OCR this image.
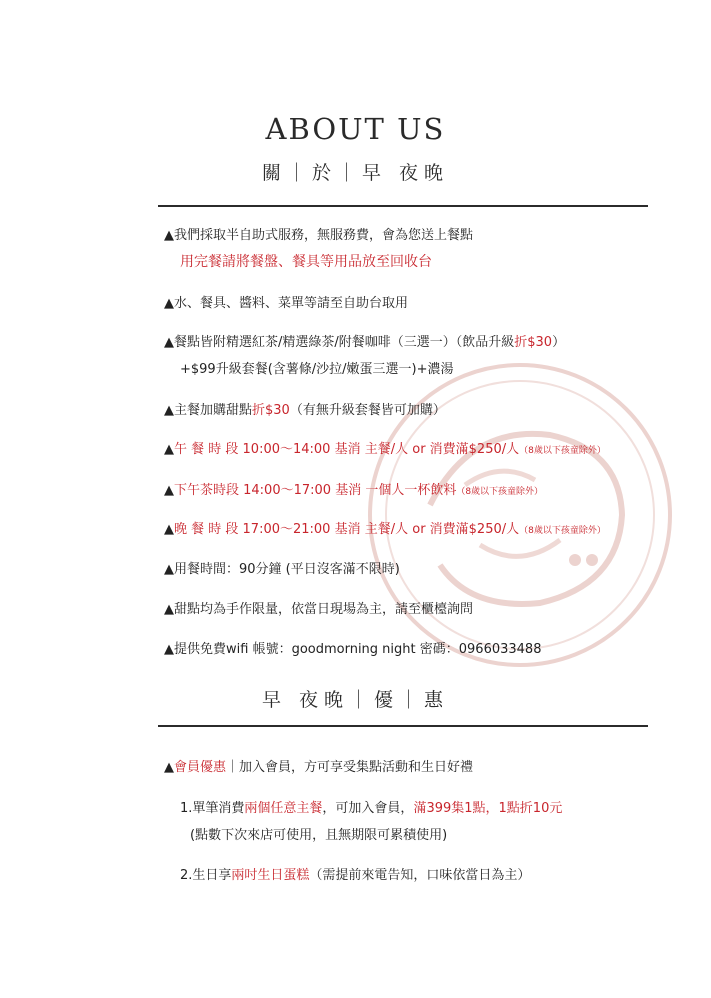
ABOUT US
關｜於｜早 夜晚
▲我們採取半自助式服務，無服務費，會為您送上餐點
用完餐請將餐盤、餐具等用品放至回收台
▲水、餐具、醬料、菜單等請至自助台取用
▲餐點皆附精選紅茶/精選綠茶/附餐咖啡（三選一）（飲品升級折$30）
+$99升級套餐(含薯條/沙拉/嫩蛋三選一)+濃湯
▲主餐加購甜點折$30（有無升級套餐皆可加購）
▲午 餐 時 段 10:00～14:00 基消 主餐/人 or 消費滿$250/人（8歲以下孩童除外）
▲下午茶時段 14:00～17:00 基消 一個人一杯飲料（8歲以下孩童除外）
▲晚 餐 時 段 17:00～21:00 基消 主餐/人 or 消費滿$250/人（8歲以下孩童除外）
▲用餐時間：90分鐘 (平日沒客滿不限時)
▲甜點均為手作限量，依當日現場為主，請至櫃檯詢問
▲提供免費wifi 帳號：goodmorning night 密碼：0966033488
早 夜晚｜優｜惠
▲會員優惠｜加入會員，方可享受集點活動和生日好禮
1.單筆消費兩個任意主餐，可加入會員，滿399集1點，1點折10元
(點數下次來店可使用，且無期限可累積使用)
2.生日享兩吋生日蛋糕（需提前來電告知，口味依當日為主）
